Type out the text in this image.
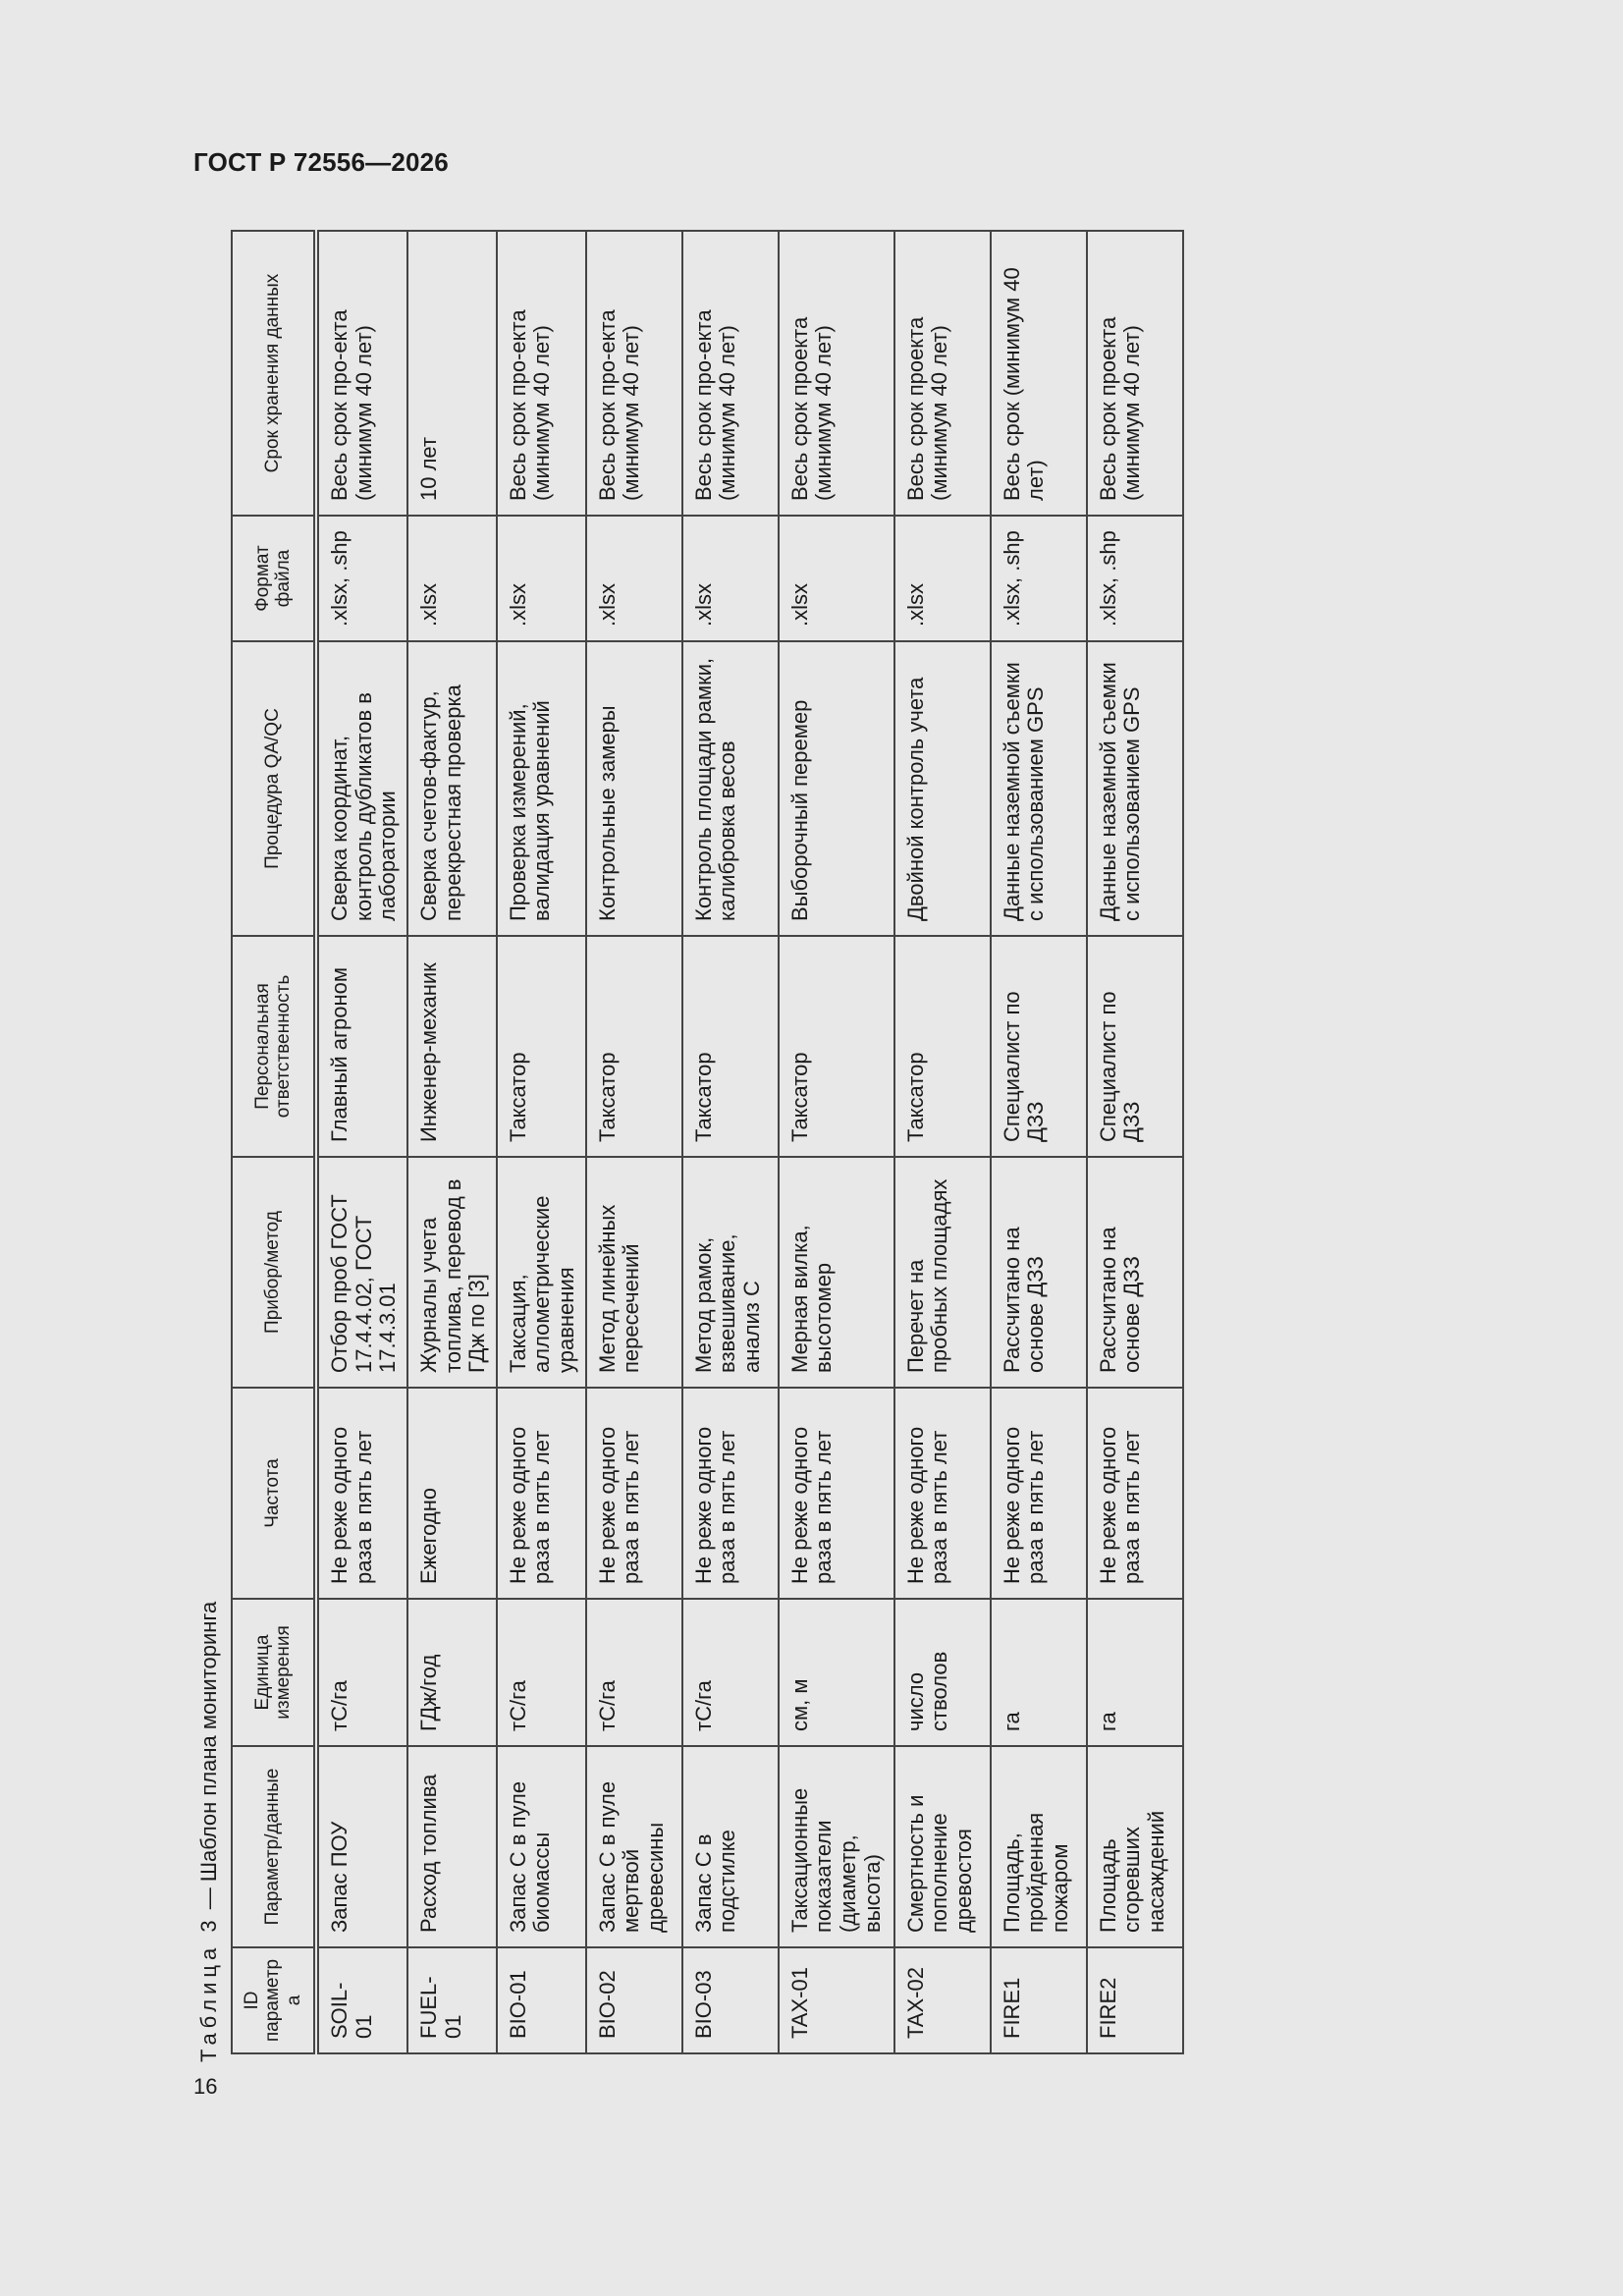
ГОСТ Р 72556—2026
Таблица 3 — Шаблон плана мониторинга
ID параметра	Параметр/данные	Единица измерения	Частота	Прибор/метод	Персональная ответственность	Процедура QA/QC	Формат файла	Срок хранения данных
SOIL-01	Запас ПОУ	тС/га	Не реже одного раза в пять лет	Отбор проб ГОСТ 17.4.4.02, ГОСТ 17.4.3.01	Главный агроном	Сверка координат, контроль дубликатов в лаборатории	.xlsx, .shp	Весь срок про-екта (минимум 40 лет)
FUEL-01	Расход топлива	ГДж/год	Ежегодно	Журналы учета топлива, перевод в ГДж по [3]	Инженер-механик	Сверка счетов-фактур, перекрестная проверка	.xlsx	10 лет
BIO-01	Запас С в пуле биомассы	тС/га	Не реже одного раза в пять лет	Таксация, аллометрические уравнения	Таксатор	Проверка измерений, валидация уравнений	.xlsx	Весь срок про-екта (минимум 40 лет)
BIO-02	Запас С в пуле мертвой древесины	тС/га	Не реже одного раза в пять лет	Метод линейных пересечений	Таксатор	Контрольные замеры	.xlsx	Весь срок про-екта (минимум 40 лет)
BIO-03	Запас С в подстилке	тС/га	Не реже одного раза в пять лет	Метод рамок, взвешивание, анализ С	Таксатор	Контроль площади рамки, калибровка весов	.xlsx	Весь срок про-екта (минимум 40 лет)
TAX-01	Таксационные показатели (диаметр, высота)	см, м	Не реже одного раза в пять лет	Мерная вилка, высотомер	Таксатор	Выборочный перемер	.xlsx	Весь срок проекта (минимум 40 лет)
TAX-02	Смертность и пополнение древостоя	число стволов	Не реже одного раза в пять лет	Перечет на пробных площадях	Таксатор	Двойной контроль учета	.xlsx	Весь срок проекта (минимум 40 лет)
FIRE1	Площадь, пройденная пожаром	га	Не реже одного раза в пять лет	Рассчитано на основе ДЗЗ	Специалист по ДЗЗ	Данные наземной съемки с использованием GPS	.xlsx, .shp	Весь срок (минимум 40 лет)
FIRE2	Площадь сгоревших насаждений	га	Не реже одного раза в пять лет	Рассчитано на основе ДЗЗ	Специалист по ДЗЗ	Данные наземной съемки с использованием GPS	.xlsx, .shp	Весь срок проекта (минимум 40 лет)
16
